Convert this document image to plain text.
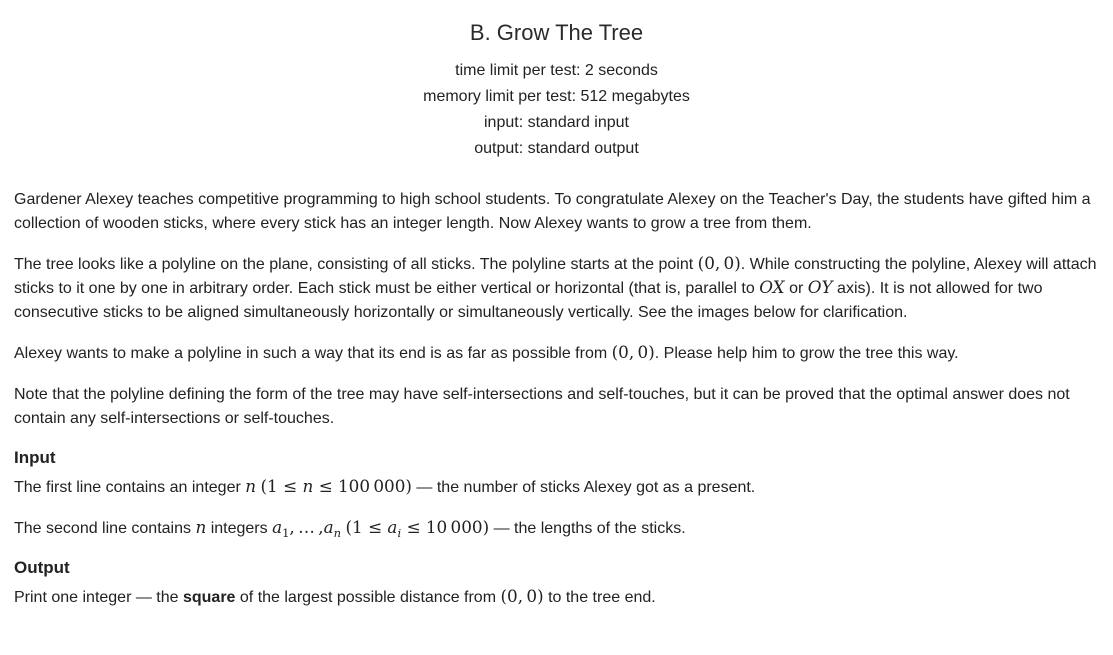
B. Grow The Tree
time limit per test: 2 seconds
memory limit per test: 512 megabytes
input: standard input
output: standard output

Gardener Alexey teaches competitive programming to high school students. To congratulate Alexey on the Teacher's Day, the students have gifted him a collection of wooden sticks, where every stick has an integer length. Now Alexey wants to grow a tree from them.

The tree looks like a polyline on the plane, consisting of all sticks. The polyline starts at the point (0, 0). While constructing the polyline, Alexey will attach sticks to it one by one in arbitrary order. Each stick must be either vertical or horizontal (that is, parallel to OX or OY axis). It is not allowed for two consecutive sticks to be aligned simultaneously horizontally or simultaneously vertically. See the images below for clarification.

Alexey wants to make a polyline in such a way that its end is as far as possible from (0, 0). Please help him to grow the tree this way.

Note that the polyline defining the form of the tree may have self-intersections and self-touches, but it can be proved that the optimal answer does not contain any self-intersections or self-touches.

Input

The first line contains an integer n (1 ≤ n ≤ 100 000) — the number of sticks Alexey got as a present.

The second line contains n integers $a_1$, … $,a_n$ ($1 \le a_i \le 10$ 000) — the lengths of the sticks.

Output

Print one integer — the square of the largest possible distance from (0, 0) to the tree end.
